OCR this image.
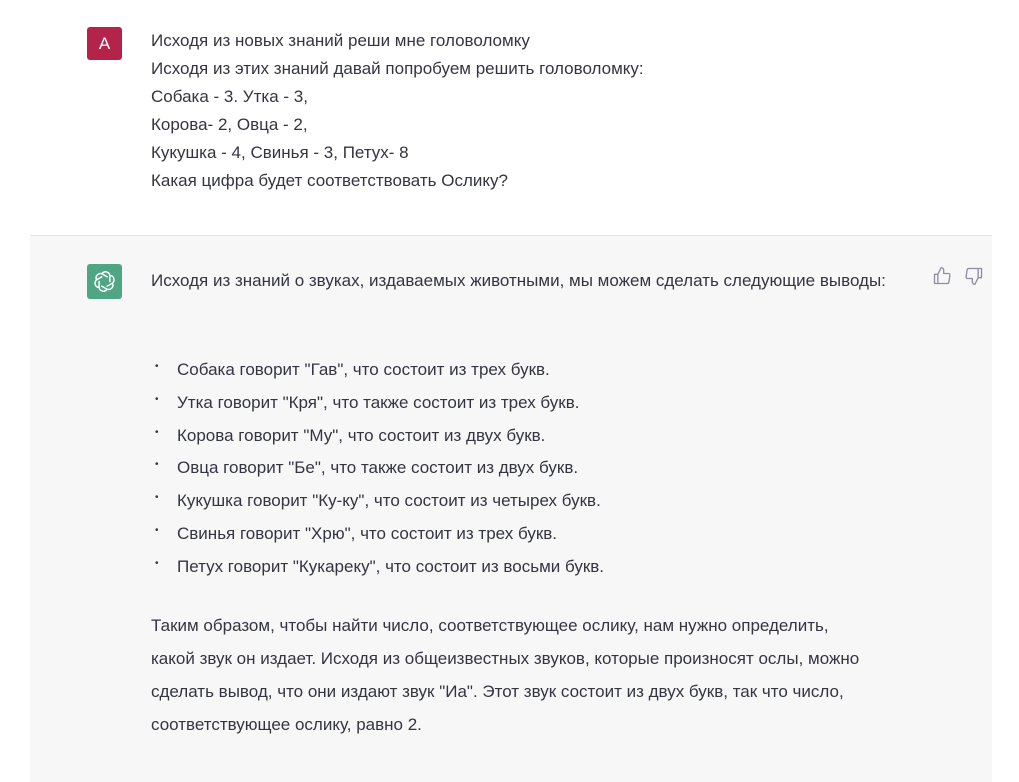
A	Исходя из новых знаний реши мне головоломку
Исходя из этих знаний давай попробуем решить головоломку:
Собака - 3. Утка - 3,
Корова- 2, Овца - 2,
Кукушка - 4, Свинья - 3, Петух- 8
Какая цифра будет соответствовать Ослику?

Исходя из знаний о звуках, издаваемых животными, мы можем сделать следующие выводы:

• Собака говорит "Гав", что состоит из трех букв.
• Утка говорит "Кря", что также состоит из трех букв.
• Корова говорит "Му", что состоит из двух букв.
• Овца говорит "Бе", что также состоит из двух букв.
• Кукушка говорит "Ку-ку", что состоит из четырех букв.
• Свинья говорит "Хрю", что состоит из трех букв.
• Петух говорит "Кукареку", что состоит из восьми букв.

Таким образом, чтобы найти число, соответствующее ослику, нам нужно определить, какой звук он издает. Исходя из общеизвестных звуков, которые произносят ослы, можно сделать вывод, что они издают звук "Иа". Этот звук состоит из двух букв, так что число, соответствующее ослику, равно 2.
